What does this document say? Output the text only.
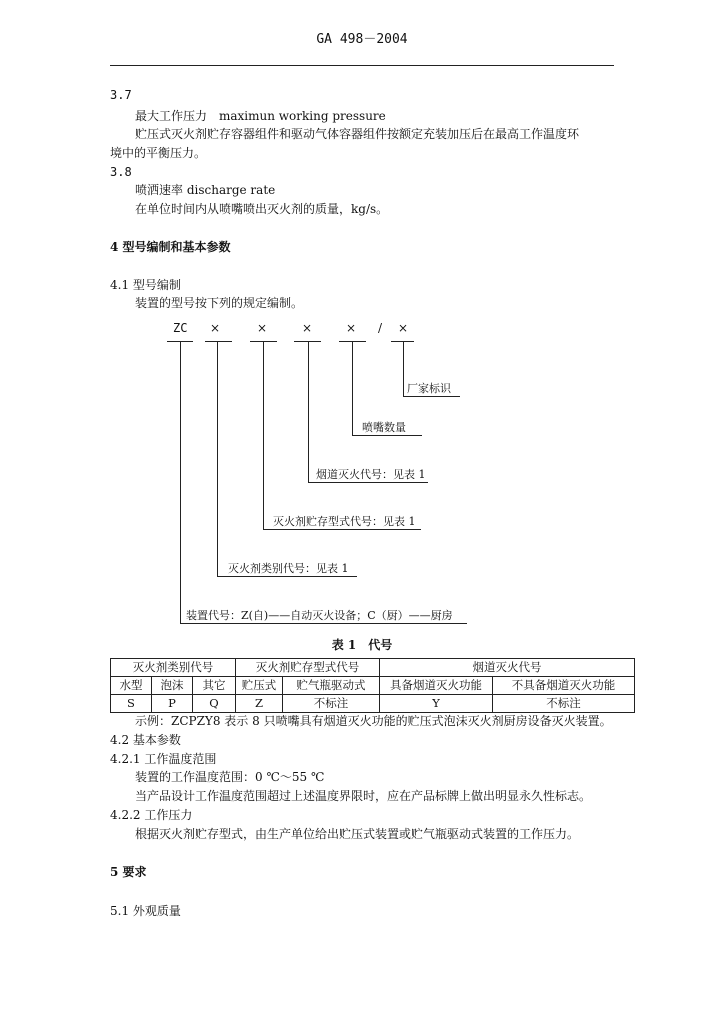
GA 498－2004
3.7
最大工作压力　maximun working pressure
贮压式灭火剂贮存容器组件和驱动气体容器组件按额定充装加压后在最高工作温度环
境中的平衡压力。
3.8
喷洒速率 discharge rate
在单位时间内从喷嘴喷出灭火剂的质量，kg/s。
4 型号编制和基本参数
4.1 型号编制
装置的型号按下列的规定编制。
ZC ×	×	×	× / ×
厂家标识
喷嘴数量
烟道灭火代号：见表 1
灭火剂贮存型式代号：见表 1
灭火剂类别代号：见表 1
装置代号：Z(自)——自动灭火设备；C（厨）——厨房
表 1　代号
灭火剂类别代号			灭火剂贮存型式代号		烟道灭火代号	
水型	泡沫	其它	贮压式	贮气瓶驱动式	具备烟道灭火功能	不具备烟道灭火功能
S	P	Q	Z	不标注	Y	不标注
示例：ZCPZY8 表示 8 只喷嘴具有烟道灭火功能的贮压式泡沫灭火剂厨房设备灭火装置。
4.2 基本参数
4.2.1 工作温度范围
装置的工作温度范围：0 ℃～55 ℃
当产品设计工作温度范围超过上述温度界限时，应在产品标牌上做出明显永久性标志。
4.2.2 工作压力
根据灭火剂贮存型式，由生产单位给出贮压式装置或贮气瓶驱动式装置的工作压力。
5 要求
5.1 外观质量
